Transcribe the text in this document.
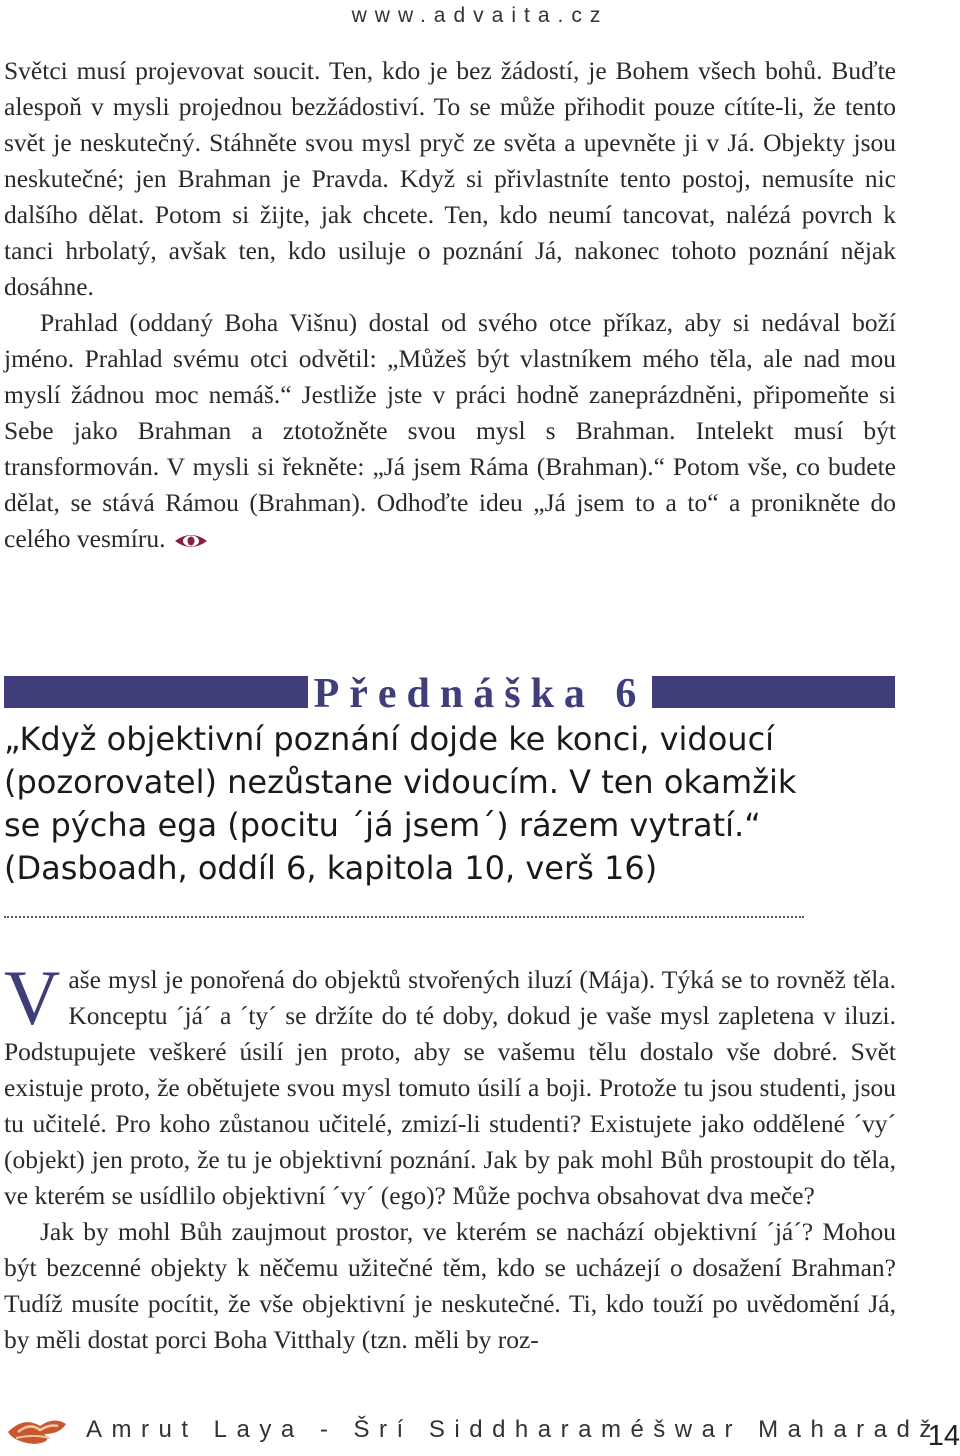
www.advaita.cz

Světci musí projevovat soucit. Ten, kdo je bez žádostí, je Bohem všech bohů. Buďte alespoň v mysli projednou bezžádostiví. To se může přihodit pouze cítíte-li, že tento svět je neskutečný. Stáhněte svou mysl pryč ze světa a upevněte ji v Já. Objekty jsou neskutečné; jen Brahman je Pravda. Když si přivlastníte tento postoj, nemusíte nic dalšího dělat. Potom si žijte, jak chcete. Ten, kdo neumí tancovat, nalézá povrch k tanci hrbolatý, avšak ten, kdo usiluje o poznání Já, nakonec tohoto poznání nějak dosáhne.

Prahlad (oddaný Boha Višnu) dostal od svého otce příkaz, aby si nedával boží jméno. Prahlad svému otci odvětil: „Můžeš být vlastníkem mého těla, ale nad mou myslí žádnou moc nemáš.“ Jestliže jste v práci hodně zaneprázdněni, připomeňte si Sebe jako Brahman a ztotožněte svou mysl s Brahman. Intelekt musí být transformován. V mysli si řekněte: „Já jsem Ráma (Brahman).“ Potom vše, co budete dělat, se stává Rámou (Brahman). Odhoďte ideu „Já jsem to a to“ a pronikněte do celého vesmíru.

Přednáška 6

„Když objektivní poznání dojde ke konci, vidoucí (pozorovatel) nezůstane vidoucím. V ten okamžik se pýcha ega (pocitu ´já jsem´) rázem vytratí.“ (Dasboadh, oddíl 6, kapitola 10, verš 16)

Vaše mysl je ponořená do objektů stvořených iluzí (Mája). Týká se to rovněž těla. Konceptu ´já´ a ´ty´ se držíte do té doby, dokud je vaše mysl zapletena v iluzi. Podstupujete veškeré úsilí jen proto, aby se vašemu tělu dostalo vše dobré. Svět existuje proto, že obětujete svou mysl tomuto úsilí a boji. Protože tu jsou studenti, jsou tu učitelé. Pro koho zůstanou učitelé, zmizí-li studenti? Existujete jako oddělené ´vy´ (objekt) jen proto, že tu je objektivní poznání. Jak by pak mohl Bůh prostoupit do těla, ve kterém se usídlilo objektivní ´vy´ (ego)? Může pochva obsahovat dva meče?

Jak by mohl Bůh zaujmout prostor, ve kterém se nachází objektivní ´já´? Mohou být bezcenné objekty k něčemu užitečné těm, kdo se ucházejí o dosažení Brahman? Tudíž musíte pocítit, že vše objektivní je neskutečné. Ti, kdo touží po uvědomění Já, by měli dostat porci Boha Vitthaly (tzn. měli by roz-

Amrut Laya - Šrí Siddharaméšwar Maharadž

14
